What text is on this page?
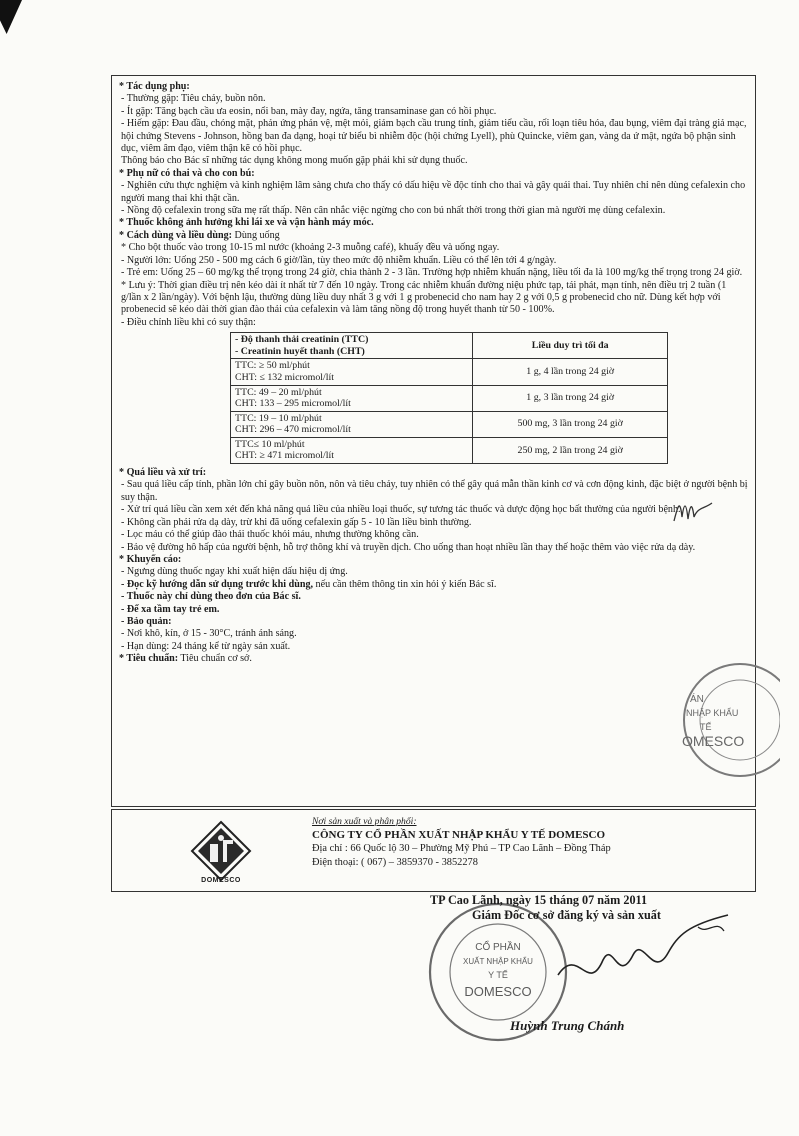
* Tác dụng phụ:

- Thường gặp: Tiêu chảy, buồn nôn.

- Ít gặp: Tăng bạch cầu ưa eosin, nổi ban, mày đay, ngứa, tăng transaminase gan có hồi phục.

- Hiếm gặp: Đau đầu, chóng mặt, phản ứng phản vệ, mệt mỏi, giảm bạch cầu trung tính, giảm tiểu cầu, rối loạn tiêu hóa, đau bụng, viêm đại tràng giả mạc, hội chứng Stevens - Johnson, hồng ban đa dạng, hoại tử biểu bì nhiễm độc (hội chứng Lyell), phù Quincke, viêm gan, vàng da ứ mật, ngứa bộ phận sinh dục, viêm âm đạo, viêm thận kẽ có hồi phục.

Thông báo cho Bác sĩ những tác dụng không mong muốn gặp phải khi sử dụng thuốc.

* Phụ nữ có thai và cho con bú:

- Nghiên cứu thực nghiệm và kinh nghiệm lâm sàng chưa cho thấy có dấu hiệu về độc tính cho thai và gây quái thai. Tuy nhiên chỉ nên dùng cefalexin cho người mang thai khi thật cần.

- Nồng độ cefalexin trong sữa mẹ rất thấp. Nên cân nhắc việc ngừng cho con bú nhất thời trong thời gian mà người mẹ dùng cefalexin.

* Thuốc không ảnh hưởng khi lái xe và vận hành máy móc.

* Cách dùng và liều dùng: Dùng uống

* Cho bột thuốc vào trong 10-15 ml nước (khoảng 2-3 muỗng café), khuấy đều và uống ngay.

- Người lớn: Uống 250 - 500 mg cách 6 giờ/lần, tùy theo mức độ nhiễm khuẩn. Liều có thể lên tới 4 g/ngày.

- Trẻ em: Uống 25 – 60 mg/kg thể trọng trong 24 giờ, chia thành 2 - 3 lần. Trường hợp nhiễm khuẩn nặng, liều tối đa là 100 mg/kg thể trọng trong 24 giờ.

* Lưu ý: Thời gian điều trị nên kéo dài ít nhất từ 7 đến 10 ngày. Trong các nhiễm khuẩn đường niệu phức tạp, tái phát, mạn tính, nên điều trị 2 tuần (1 g/lần x 2 lần/ngày). Với bệnh lậu, thường dùng liều duy nhất 3 g với 1 g probenecid cho nam hay 2 g với 0,5 g probenecid cho nữ. Dùng kết hợp với probenecid sẽ kéo dài thời gian đào thải của cefalexin và làm tăng nồng độ trong huyết thanh từ 50 - 100%.

- Điều chỉnh liều khi có suy thận:

- Độ thanh thải creatinin (TTC)
- Creatinin huyết thanh (CHT)	Liều duy trì tối đa

TTC: ≥ 50 ml/phút
CHT: ≤ 132 micromol/lít	1 g, 4 lần trong 24 giờ

TTC: 49 – 20 ml/phút
CHT: 133 – 295 micromol/lít	1 g, 3 lần trong 24 giờ

TTC: 19 – 10 ml/phút
CHT: 296 – 470 micromol/lít	500 mg, 3 lần trong 24 giờ

TTC≤ 10 ml/phút
CHT: ≥ 471 micromol/lít	250 mg, 2 lần trong 24 giờ

* Quá liều và xử trí:

- Sau quá liều cấp tính, phần lớn chỉ gây buồn nôn, nôn và tiêu chảy, tuy nhiên có thể gây quá mẫn thần kinh cơ và cơn động kinh, đặc biệt ở người bệnh bị suy thận.

- Xử trí quá liều cần xem xét đến khả năng quá liều của nhiều loại thuốc, sự tương tác thuốc và dược động học bất thường của người bệnh.

- Không cần phải rửa dạ dày, trừ khi đã uống cefalexin gấp 5 - 10 lần liều bình thường.

- Lọc máu có thể giúp đào thải thuốc khỏi máu, nhưng thường không cần.

- Bảo vệ đường hô hấp của người bệnh, hỗ trợ thông khí và truyền dịch. Cho uống than hoạt nhiều lần thay thế hoặc thêm vào việc rửa dạ dày.

* Khuyến cáo:

- Ngưng dùng thuốc ngay khi xuất hiện dấu hiệu dị ứng.

- Đọc kỹ hướng dẫn sử dụng trước khi dùng, nếu cần thêm thông tin xin hỏi ý kiến Bác sĩ.

- Thuốc này chỉ dùng theo đơn của Bác sĩ.

- Để xa tầm tay trẻ em.

- Bảo quản:

- Nơi khô, kín, ở 15 - 30°C, tránh ánh sáng.

- Hạn dùng: 24 tháng kể từ ngày sản xuất.

* Tiêu chuẩn: Tiêu chuẩn cơ sở.

DOMESCO
Nơi sản xuất và phân phối:
CÔNG TY CỔ PHẦN XUẤT NHẬP KHẨU Y TẾ DOMESCO
Địa chỉ : 66 Quốc lộ 30 – Phường Mỹ Phú – TP Cao Lãnh – Đồng Tháp
Điện thoại: ( 067) – 3859370 - 3852278
ÁN
NHẬP KHẨU
TẾ
OMESCO
CỔ PHẦN
XUẤT NHẬP KHẨU
Y TẾ
DOMESCO
TP Cao Lãnh, ngày 15 tháng 07 năm 2011
Giám Đốc cơ sở đăng ký và sản xuất
Huỳnh Trung Chánh
